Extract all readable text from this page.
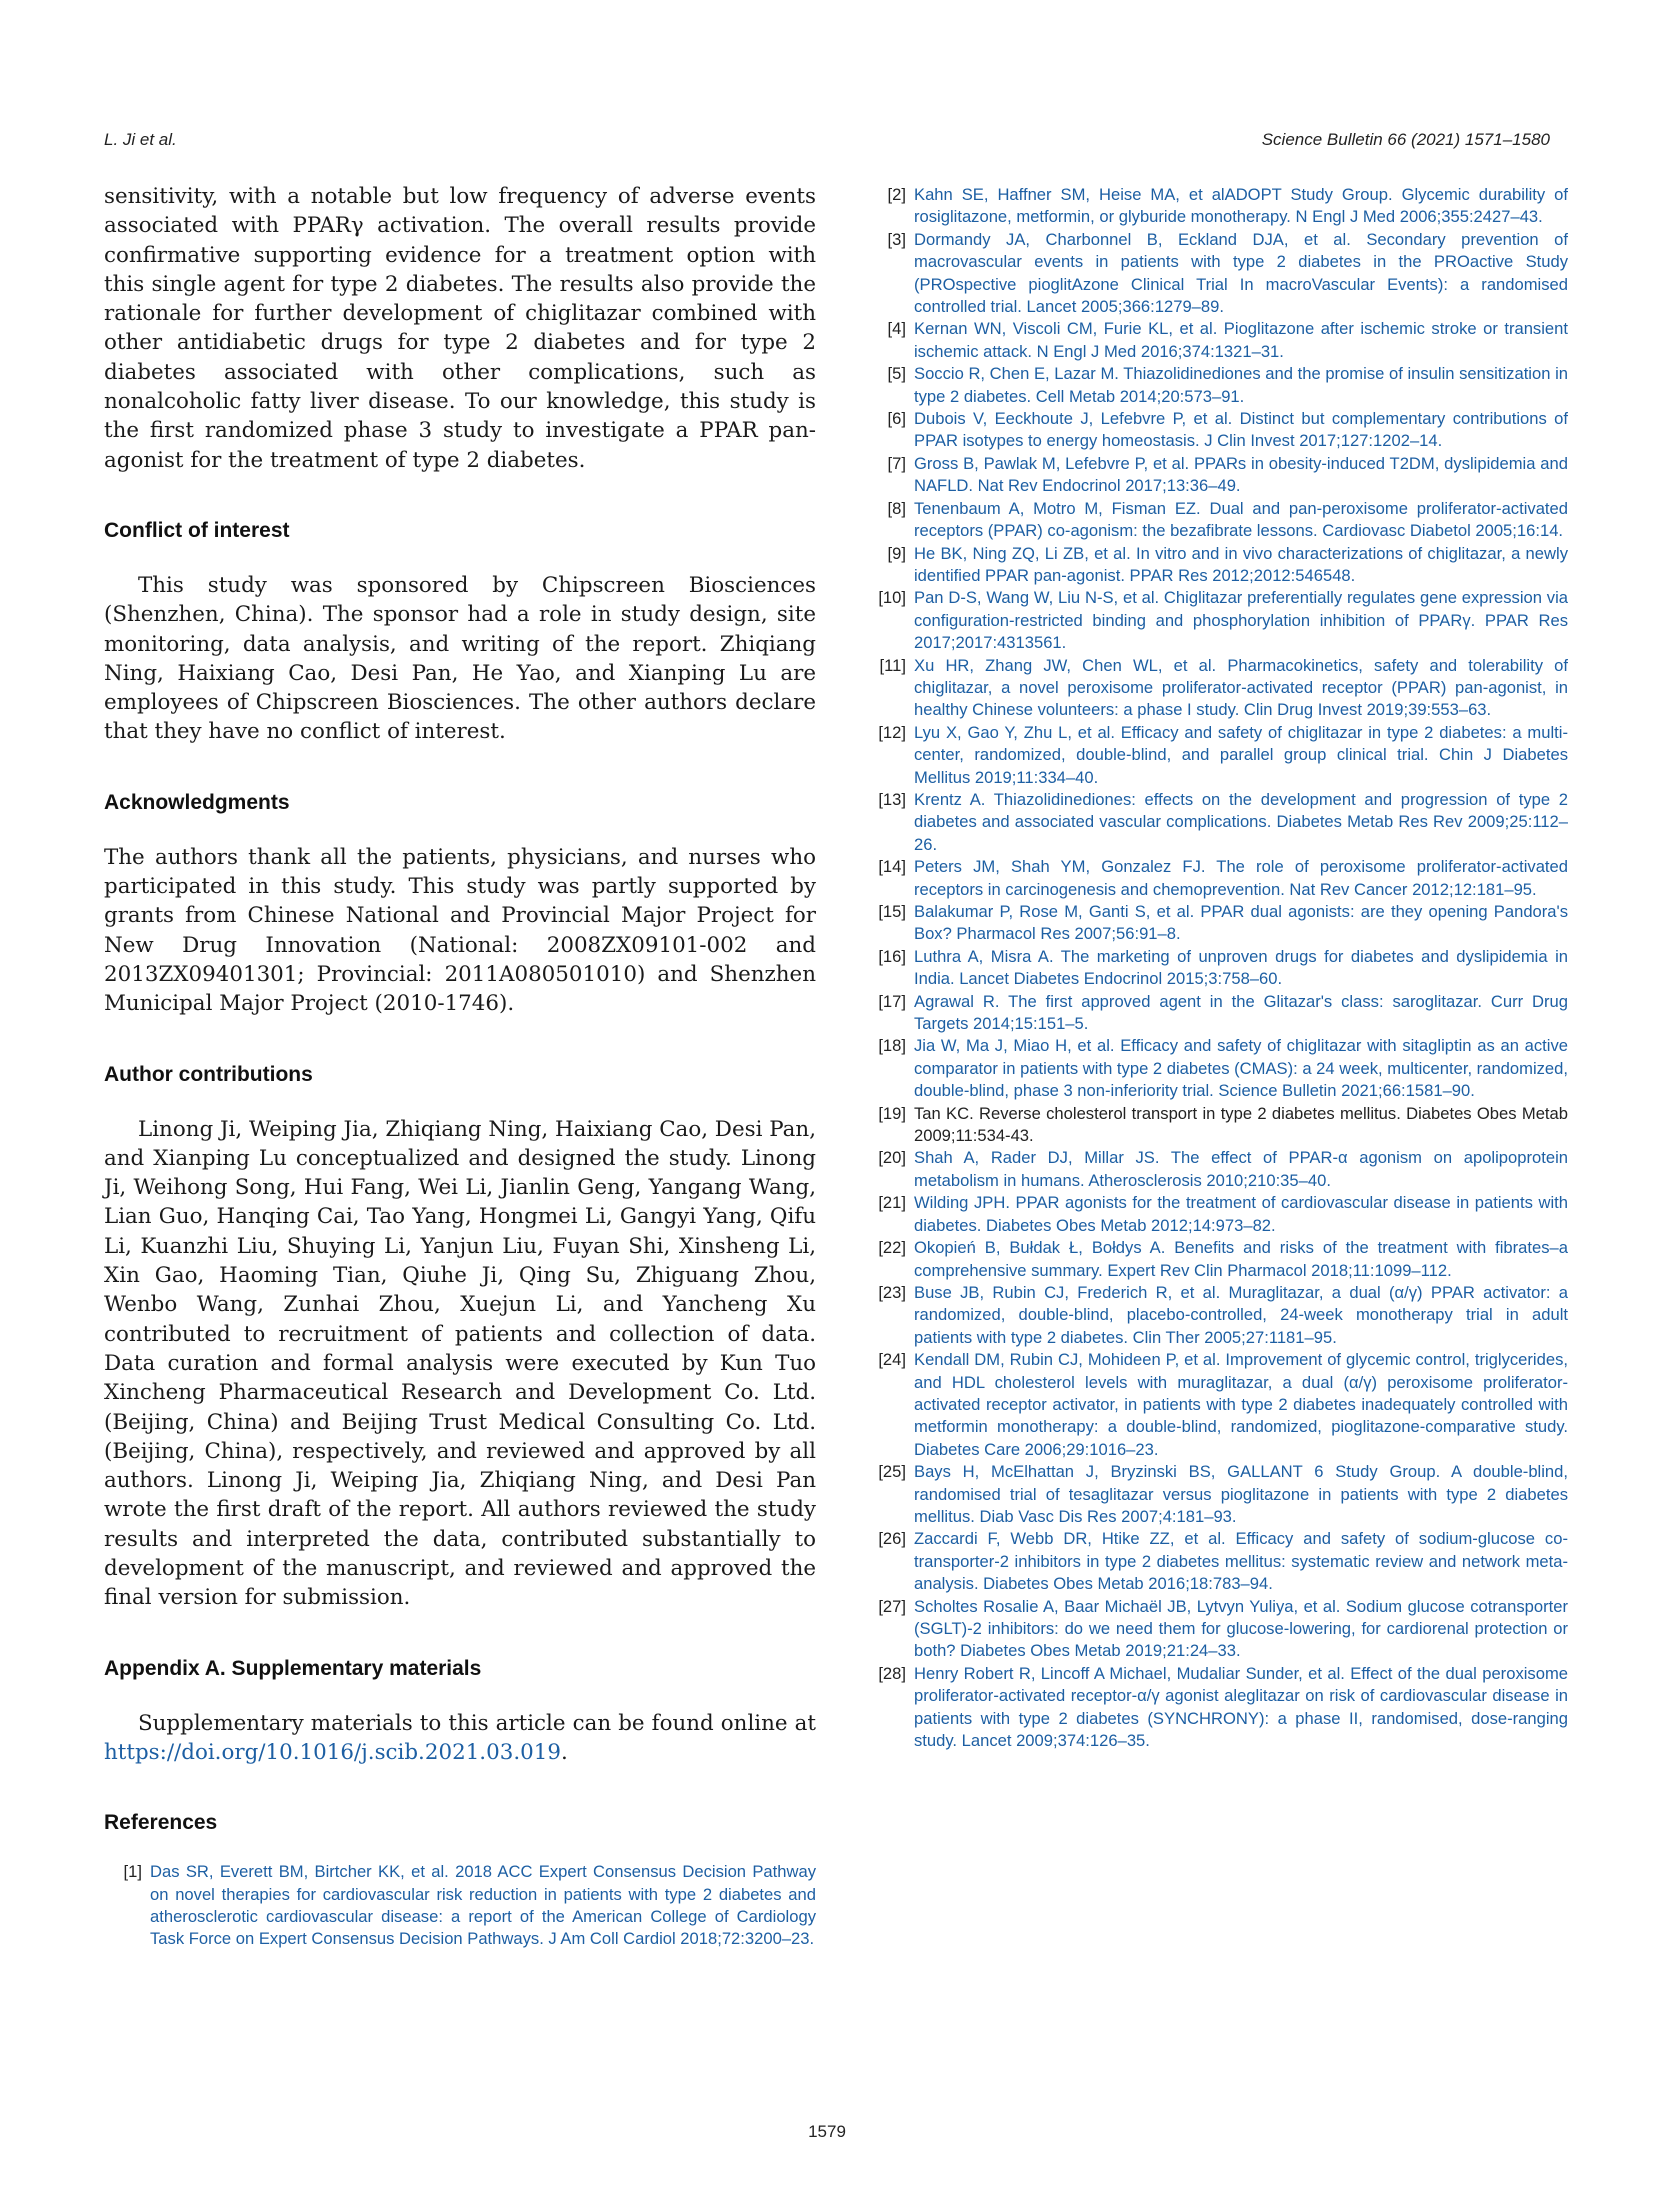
L. Ji et al.	Science Bulletin 66 (2021) 1571–1580

sensitivity, with a notable but low frequency of adverse events associated with PPARγ activation. The overall results provide confirmative supporting evidence for a treatment option with this single agent for type 2 diabetes. The results also provide the rationale for further development of chiglitazar combined with other antidiabetic drugs for type 2 diabetes and for type 2 diabetes associated with other complications, such as nonalcoholic fatty liver disease. To our knowledge, this study is the first randomized phase 3 study to investigate a PPAR pan-agonist for the treatment of type 2 diabetes.

Conflict of interest

This study was sponsored by Chipscreen Biosciences (Shenzhen, China). The sponsor had a role in study design, site monitoring, data analysis, and writing of the report. Zhiqiang Ning, Haixiang Cao, Desi Pan, He Yao, and Xianping Lu are employees of Chipscreen Biosciences. The other authors declare that they have no conflict of interest.

Acknowledgments

The authors thank all the patients, physicians, and nurses who participated in this study. This study was partly supported by grants from Chinese National and Provincial Major Project for New Drug Innovation (National: 2008ZX09101-002 and 2013ZX09401301; Provincial: 2011A080501010) and Shenzhen Municipal Major Project (2010-1746).

Author contributions

Linong Ji, Weiping Jia, Zhiqiang Ning, Haixiang Cao, Desi Pan, and Xianping Lu conceptualized and designed the study. Linong Ji, Weihong Song, Hui Fang, Wei Li, Jianlin Geng, Yangang Wang, Lian Guo, Hanqing Cai, Tao Yang, Hongmei Li, Gangyi Yang, Qifu Li, Kuanzhi Liu, Shuying Li, Yanjun Liu, Fuyan Shi, Xinsheng Li, Xin Gao, Haoming Tian, Qiuhe Ji, Qing Su, Zhiguang Zhou, Wenbo Wang, Zunhai Zhou, Xuejun Li, and Yancheng Xu contributed to recruitment of patients and collection of data. Data curation and formal analysis were executed by Kun Tuo Xincheng Pharmaceutical Research and Development Co. Ltd. (Beijing, China) and Beijing Trust Medical Consulting Co. Ltd. (Beijing, China), respectively, and reviewed and approved by all authors. Linong Ji, Weiping Jia, Zhiqiang Ning, and Desi Pan wrote the first draft of the report. All authors reviewed the study results and interpreted the data, contributed substantially to development of the manuscript, and reviewed and approved the final version for submission.

Appendix A. Supplementary materials

Supplementary materials to this article can be found online at https://doi.org/10.1016/j.scib.2021.03.019.

References
[1] Das SR, Everett BM, Birtcher KK, et al. 2018 ACC Expert Consensus Decision Pathway on novel therapies for cardiovascular risk reduction in patients with type 2 diabetes and atherosclerotic cardiovascular disease: a report of the American College of Cardiology Task Force on Expert Consensus Decision Pathways. J Am Coll Cardiol 2018;72:3200–23.
[2] Kahn SE, Haffner SM, Heise MA, et alADOPT Study Group. Glycemic durability of rosiglitazone, metformin, or glyburide monotherapy. N Engl J Med 2006;355:2427–43.
[3] Dormandy JA, Charbonnel B, Eckland DJA, et al. Secondary prevention of macrovascular events in patients with type 2 diabetes in the PROactive Study (PROspective pioglitAzone Clinical Trial In macroVascular Events): a randomised controlled trial. Lancet 2005;366:1279–89.
[4] Kernan WN, Viscoli CM, Furie KL, et al. Pioglitazone after ischemic stroke or transient ischemic attack. N Engl J Med 2016;374:1321–31.
[5] Soccio R, Chen E, Lazar M. Thiazolidinediones and the promise of insulin sensitization in type 2 diabetes. Cell Metab 2014;20:573–91.
[6] Dubois V, Eeckhoute J, Lefebvre P, et al. Distinct but complementary contributions of PPAR isotypes to energy homeostasis. J Clin Invest 2017;127:1202–14.
[7] Gross B, Pawlak M, Lefebvre P, et al. PPARs in obesity-induced T2DM, dyslipidemia and NAFLD. Nat Rev Endocrinol 2017;13:36–49.
[8] Tenenbaum A, Motro M, Fisman EZ. Dual and pan-peroxisome proliferator-activated receptors (PPAR) co-agonism: the bezafibrate lessons. Cardiovasc Diabetol 2005;16:14.
[9] He BK, Ning ZQ, Li ZB, et al. In vitro and in vivo characterizations of chiglitazar, a newly identified PPAR pan-agonist. PPAR Res 2012;2012:546548.
[10] Pan D-S, Wang W, Liu N-S, et al. Chiglitazar preferentially regulates gene expression via configuration-restricted binding and phosphorylation inhibition of PPARγ. PPAR Res 2017;2017:4313561.
[11] Xu HR, Zhang JW, Chen WL, et al. Pharmacokinetics, safety and tolerability of chiglitazar, a novel peroxisome proliferator-activated receptor (PPAR) pan-agonist, in healthy Chinese volunteers: a phase I study. Clin Drug Invest 2019;39:553–63.
[12] Lyu X, Gao Y, Zhu L, et al. Efficacy and safety of chiglitazar in type 2 diabetes: a multi-center, randomized, double-blind, and parallel group clinical trial. Chin J Diabetes Mellitus 2019;11:334–40.
[13] Krentz A. Thiazolidinediones: effects on the development and progression of type 2 diabetes and associated vascular complications. Diabetes Metab Res Rev 2009;25:112–26.
[14] Peters JM, Shah YM, Gonzalez FJ. The role of peroxisome proliferator-activated receptors in carcinogenesis and chemoprevention. Nat Rev Cancer 2012;12:181–95.
[15] Balakumar P, Rose M, Ganti S, et al. PPAR dual agonists: are they opening Pandora's Box? Pharmacol Res 2007;56:91–8.
[16] Luthra A, Misra A. The marketing of unproven drugs for diabetes and dyslipidemia in India. Lancet Diabetes Endocrinol 2015;3:758–60.
[17] Agrawal R. The first approved agent in the Glitazar's class: saroglitazar. Curr Drug Targets 2014;15:151–5.
[18] Jia W, Ma J, Miao H, et al. Efficacy and safety of chiglitazar with sitagliptin as an active comparator in patients with type 2 diabetes (CMAS): a 24 week, multicenter, randomized, double-blind, phase 3 non-inferiority trial. Science Bulletin 2021;66:1581–90.
[19] Tan KC. Reverse cholesterol transport in type 2 diabetes mellitus. Diabetes Obes Metab 2009;11:534-43.
[20] Shah A, Rader DJ, Millar JS. The effect of PPAR-α agonism on apolipoprotein metabolism in humans. Atherosclerosis 2010;210:35–40.
[21] Wilding JPH. PPAR agonists for the treatment of cardiovascular disease in patients with diabetes. Diabetes Obes Metab 2012;14:973–82.
[22] Okopień B, Bułdak Ł, Bołdys A. Benefits and risks of the treatment with fibrates–a comprehensive summary. Expert Rev Clin Pharmacol 2018;11:1099–112.
[23] Buse JB, Rubin CJ, Frederich R, et al. Muraglitazar, a dual (α/γ) PPAR activator: a randomized, double-blind, placebo-controlled, 24-week monotherapy trial in adult patients with type 2 diabetes. Clin Ther 2005;27:1181–95.
[24] Kendall DM, Rubin CJ, Mohideen P, et al. Improvement of glycemic control, triglycerides, and HDL cholesterol levels with muraglitazar, a dual (α/γ) peroxisome proliferator-activated receptor activator, in patients with type 2 diabetes inadequately controlled with metformin monotherapy: a double-blind, randomized, pioglitazone-comparative study. Diabetes Care 2006;29:1016–23.
[25] Bays H, McElhattan J, Bryzinski BS, GALLANT 6 Study Group. A double-blind, randomised trial of tesaglitazar versus pioglitazone in patients with type 2 diabetes mellitus. Diab Vasc Dis Res 2007;4:181–93.
[26] Zaccardi F, Webb DR, Htike ZZ, et al. Efficacy and safety of sodium-glucose co-transporter-2 inhibitors in type 2 diabetes mellitus: systematic review and network meta-analysis. Diabetes Obes Metab 2016;18:783–94.
[27] Scholtes Rosalie A, Baar Michaël JB, Lytvyn Yuliya, et al. Sodium glucose cotransporter (SGLT)-2 inhibitors: do we need them for glucose-lowering, for cardiorenal protection or both? Diabetes Obes Metab 2019;21:24–33.
[28] Henry Robert R, Lincoff A Michael, Mudaliar Sunder, et al. Effect of the dual peroxisome proliferator-activated receptor-α/γ agonist aleglitazar on risk of cardiovascular disease in patients with type 2 diabetes (SYNCHRONY): a phase II, randomised, dose-ranging study. Lancet 2009;374:126–35.
1579
